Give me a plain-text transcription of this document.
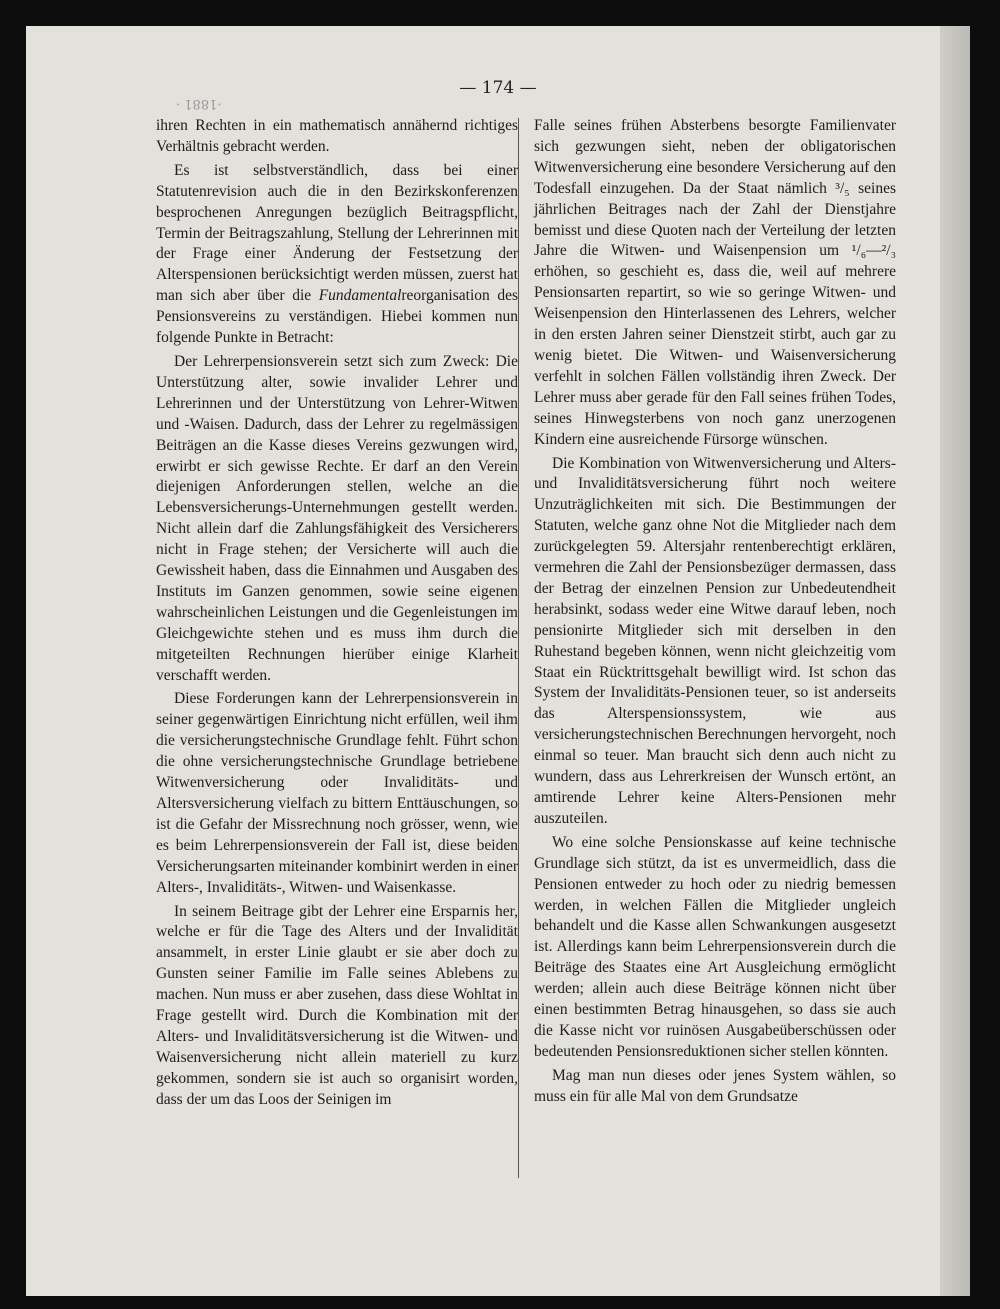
·1881 ·
— 174 —

ihren Rechten in ein mathematisch annähernd richtiges Verhältnis gebracht werden.

Es ist selbstverständlich, dass bei einer Statutenrevision auch die in den Bezirkskonferenzen besprochenen Anregungen bezüglich Beitragspflicht, Termin der Beitragszahlung, Stellung der Lehrerinnen mit der Frage einer Änderung der Festsetzung der Alterspensionen berücksichtigt werden müssen, zuerst hat man sich aber über die Fundamentalreorganisation des Pensionsvereins zu verständigen. Hiebei kommen nun folgende Punkte in Betracht:

Der Lehrerpensionsverein setzt sich zum Zweck: Die Unterstützung alter, sowie invalider Lehrer und Lehrerinnen und der Unterstützung von Lehrer-Witwen und -Waisen. Dadurch, dass der Lehrer zu regelmässigen Beiträgen an die Kasse dieses Vereins gezwungen wird, erwirbt er sich gewisse Rechte. Er darf an den Verein diejenigen Anforderungen stellen, welche an die Lebensversicherungs-Unternehmungen gestellt werden. Nicht allein darf die Zahlungsfähigkeit des Versicherers nicht in Frage stehen; der Versicherte will auch die Gewissheit haben, dass die Einnahmen und Ausgaben des Instituts im Ganzen genommen, sowie seine eigenen wahrscheinlichen Leistungen und die Gegenleistungen im Gleichgewichte stehen und es muss ihm durch die mitgeteilten Rechnungen hierüber einige Klarheit verschafft werden.

Diese Forderungen kann der Lehrerpensionsverein in seiner gegenwärtigen Einrichtung nicht erfüllen, weil ihm die versicherungstechnische Grundlage fehlt. Führt schon die ohne versicherungstechnische Grundlage betriebene Witwenversicherung oder Invaliditäts- und Altersversicherung vielfach zu bittern Enttäuschungen, so ist die Gefahr der Missrechnung noch grösser, wenn, wie es beim Lehrerpensionsverein der Fall ist, diese beiden Versicherungsarten miteinander kombinirt werden in einer Alters-, Invaliditäts-, Witwen- und Waisenkasse.

In seinem Beitrage gibt der Lehrer eine Ersparnis her, welche er für die Tage des Alters und der Invalidität ansammelt, in erster Linie glaubt er sie aber doch zu Gunsten seiner Familie im Falle seines Ablebens zu machen. Nun muss er aber zusehen, dass diese Wohltat in Frage gestellt wird. Durch die Kombination mit der Alters- und Invaliditätsversicherung ist die Witwen- und Waisenversicherung nicht allein materiell zu kurz gekommen, sondern sie ist auch so organisirt worden, dass der um das Loos der Seinigen im

Falle seines frühen Absterbens besorgte Familienvater sich gezwungen sieht, neben der obligatorischen Witwenversicherung eine besondere Versicherung auf den Todesfall einzugehen. Da der Staat nämlich ³/₅ seines jährlichen Beitrages nach der Zahl der Dienstjahre bemisst und diese Quoten nach der Verteilung der letzten Jahre die Witwen- und Waisenpension um ¹/₆—²/₃ erhöhen, so geschieht es, dass die, weil auf mehrere Pensionsarten repartirt, so wie so geringe Witwen- und Weisenpension den Hinterlassenen des Lehrers, welcher in den ersten Jahren seiner Dienstzeit stirbt, auch gar zu wenig bietet. Die Witwen- und Waisenversicherung verfehlt in solchen Fällen vollständig ihren Zweck. Der Lehrer muss aber gerade für den Fall seines frühen Todes, seines Hinwegsterbens von noch ganz unerzogenen Kindern eine ausreichende Fürsorge wünschen.

Die Kombination von Witwenversicherung und Alters- und Invaliditätsversicherung führt noch weitere Unzuträglichkeiten mit sich. Die Bestimmungen der Statuten, welche ganz ohne Not die Mitglieder nach dem zurückgelegten 59. Altersjahr rentenberechtigt erklären, vermehren die Zahl der Pensionsbezüger dermassen, dass der Betrag der einzelnen Pension zur Unbedeutendheit herabsinkt, sodass weder eine Witwe darauf leben, noch pensionirte Mitglieder sich mit derselben in den Ruhestand begeben können, wenn nicht gleichzeitig vom Staat ein Rücktrittsgehalt bewilligt wird. Ist schon das System der Invaliditäts-Pensionen teuer, so ist anderseits das Alterspensionssystem, wie aus versicherungstechnischen Berechnungen hervorgeht, noch einmal so teuer. Man braucht sich denn auch nicht zu wundern, dass aus Lehrerkreisen der Wunsch ertönt, an amtirende Lehrer keine Alters-Pensionen mehr auszuteilen.

Wo eine solche Pensionskasse auf keine technische Grundlage sich stützt, da ist es unvermeidlich, dass die Pensionen entweder zu hoch oder zu niedrig bemessen werden, in welchen Fällen die Mitglieder ungleich behandelt und die Kasse allen Schwankungen ausgesetzt ist. Allerdings kann beim Lehrerpensionsverein durch die Beiträge des Staates eine Art Ausgleichung ermöglicht werden; allein auch diese Beiträge können nicht über einen bestimmten Betrag hinausgehen, so dass sie auch die Kasse nicht vor ruinösen Ausgabeüberschüssen oder bedeutenden Pensionsreduktionen sicher stellen könnten.

Mag man nun dieses oder jenes System wählen, so muss ein für alle Mal von dem Grundsatze
